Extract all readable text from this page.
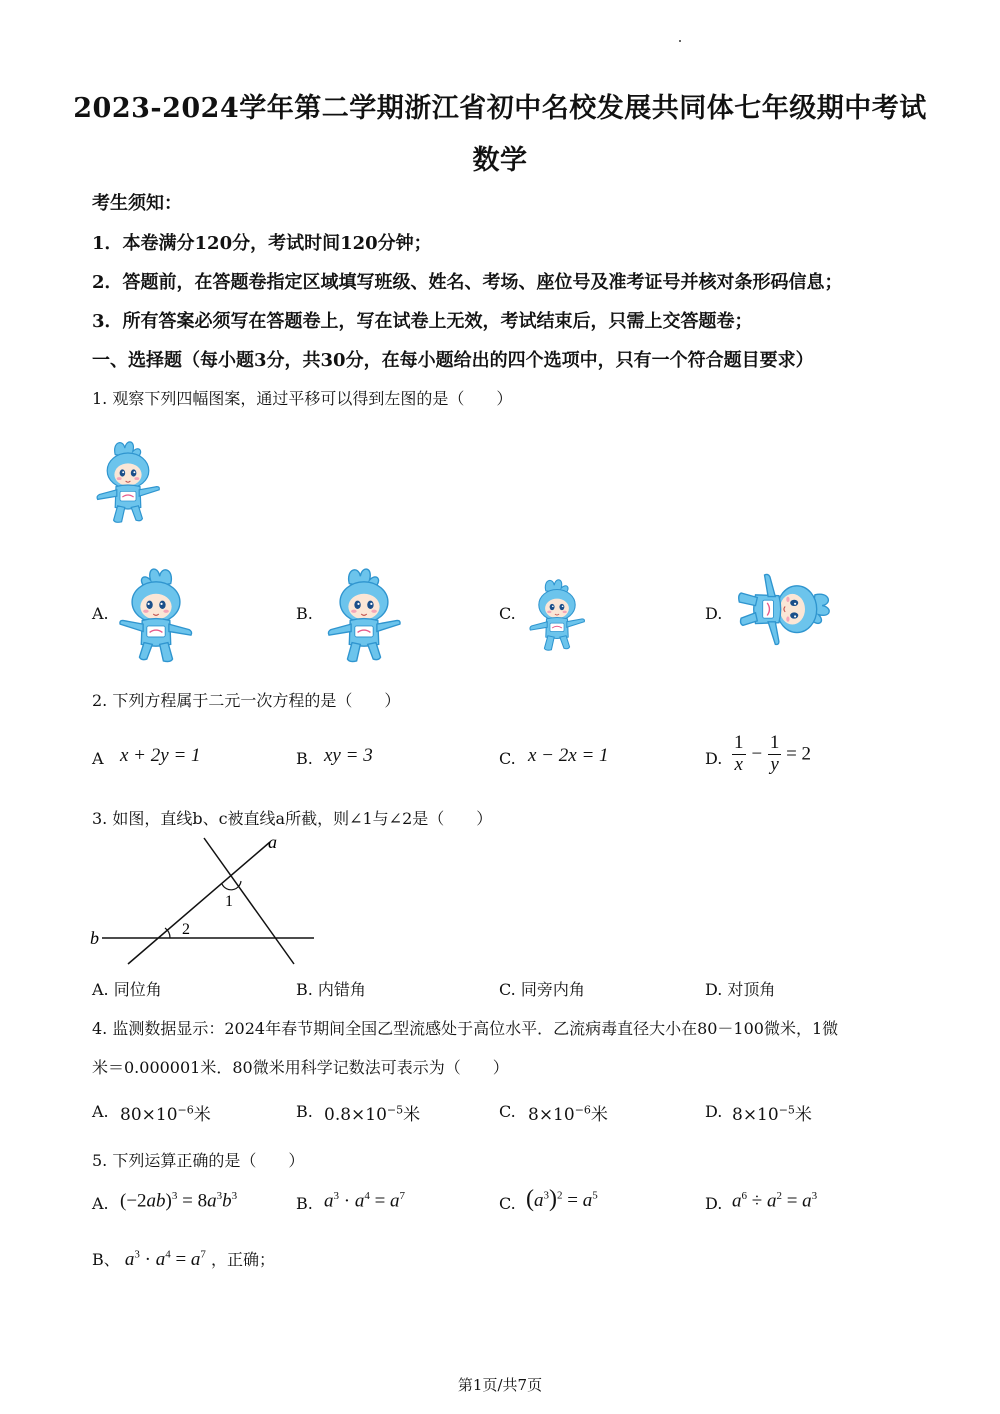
2023-2024学年第二学期浙江省初中名校发展共同体七年级期中考试
数学
考生须知：
1．本卷满分120分，考试时间120分钟；
2．答题前，在答题卷指定区域填写班级、姓名、考场、座位号及准考证号并核对条形码信息；
3．所有答案必须写在答题卷上，写在试卷上无效，考试结束后，只需上交答题卷；
一、选择题（每小题3分，共30分，在每小题给出的四个选项中，只有一个符合题目要求）
1. 观察下列四幅图案，通过平移可以得到左图的是（　　）
A.	B.	C.	D.
2. 下列方程属于二元一次方程的是（　　）
A x + 2y = 1	B. xy = 3	C. x − 2x = 1	D. $\frac{1}{x} - \frac{1}{y} = 2$
3. 如图，直线b、c被直线a所截，则∠1与∠2是（　　）
a
b
1
2
A. 同位角	B. 内错角	C. 同旁内角	D. 对顶角
4. 监测数据显示：2024年春节期间全国乙型流感处于高位水平．乙流病毒直径大小在80－100微米，1微
米＝0.000001米．80微米用科学记数法可表示为（　　）
A. $80\times 10^{-6}$米	B. $0.8\times 10^{-5}$米	C. $8\times 10^{-6}$米	D. $8\times 10^{-5}$米
5. 下列运算正确的是（　　）
A. $(-2ab)^3 = 8a^3b^3$	B. $a^3 \cdot a^4 = a^7$	C. $(a^3)^2 = a^5$	D. $a^6 \div a^2 = a^3$
B、 $a^3 \cdot a^4 = a^7$ ，正确；
第1页/共7页
